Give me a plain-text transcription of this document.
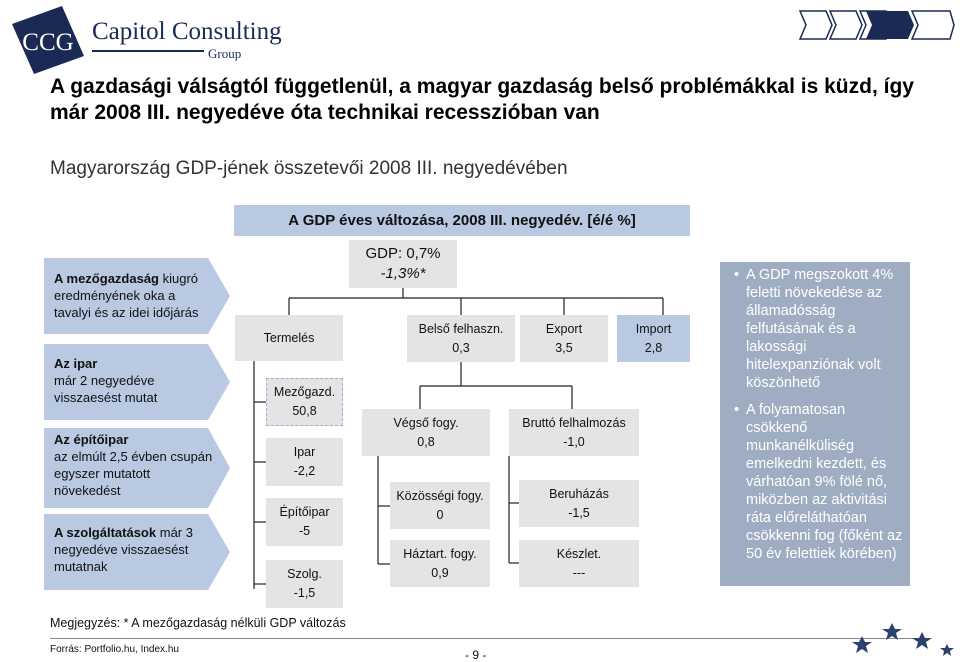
CCG Capitol Consulting
Group
A gazdasági válságtól függetlenül, a magyar gazdaság belső problémákkal is küzd, így már 2008 III. negyedéve óta technikai recesszióban van
Magyarország GDP-jének összetevői 2008 III. negyedévében
A GDP éves változása, 2008 III. negyedév. [é/é %]
A mezőgazdaság kiugró eredményének oka a tavalyi és az idei időjárás
Az ipar
már 2 negyedéve visszaesést mutat
Az építőipar
az elmúlt 2,5 évben csupán egyszer mutatott növekedést
A szolgáltatások már 3 negyedéve visszaesést mutatnak
GDP: 0,7%
-1,3%*
Termelés
Belső felhaszn.
0,3
Export
3,5
Import
2,8
Mezőgazd.
50,8
Ipar
-2,2
Építőipar
-5
Szolg.
-1,5
Végső fogy.
0,8
Bruttó felhalmozás
-1,0
Közösségi fogy.
0
Háztart. fogy.
0,9
Beruházás
-1,5
Készlet.
---
• A GDP megszokott 4% feletti növekedése az államadósság felfutásának és a lakossági hitelexpanziónak volt köszönhető
• A folyamatosan csökkenő munkanélküliség emelkedni kezdett, és várhatóan 9% fölé nő, miközben az aktivitási ráta előreláthatóan csökkenni fog (főként az 50 év felettiek körében)
Megjegyzés: * A mezőgazdaság nélküli GDP változás
Forrás: Portfolio.hu, Index.hu	- 9 -
